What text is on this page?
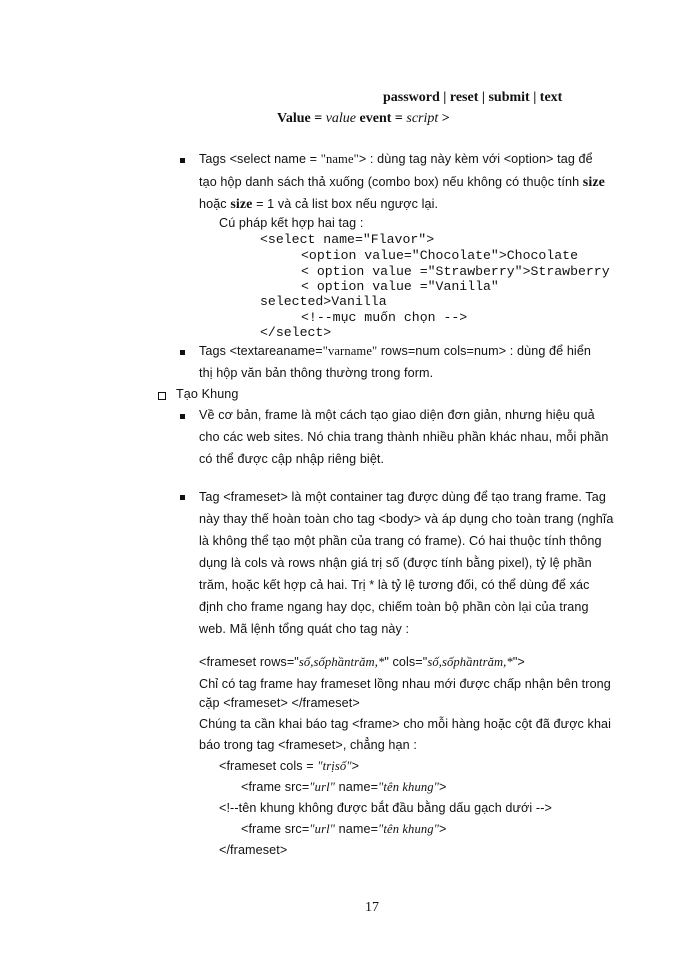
password | reset | submit | text
Value = value event = script >
Tags <select name = "name"> : dùng tag này kèm với <option> tag để
tạo hộp danh sách thả xuống (combo box) nếu không có thuộc tính size
hoặc size = 1 và cả list box nếu ngược lại.
Cú pháp kết hợp hai tag :
<select name="Flavor">
<option value="Chocolate">Chocolate
< option value ="Strawberry">Strawberry
< option value ="Vanilla"
selected>Vanilla
<!--mục muốn chọn -->
</select>
Tags <textareaname="varname" rows=num cols=num> : dùng để hiển
thị hộp văn bản thông thường trong form.
Tạo Khung
Về cơ bản, frame là một cách tạo giao diện đơn giản, nhưng hiệu quả
cho các web sites. Nó chia trang thành nhiều phần khác nhau, mỗi phần
có thể được cập nhập riêng biệt.
Tag <frameset> là một container tag được dùng để tạo trang frame. Tag
này thay thế hoàn toàn cho tag <body> và áp dụng cho toàn trang (nghĩa
là không thể tạo một phần của trang có frame). Có hai thuộc tính thông
dụng là cols và rows nhận giá trị số (được tính bằng pixel), tỷ lệ phần
trăm, hoặc kết hợp cả hai. Trị * là tỷ lệ tương đối, có thể dùng để xác
định cho frame ngang hay dọc, chiếm toàn bộ phần còn lại của trang
web. Mã lệnh tổng quát cho tag này :
<frameset rows="số,sốphầntrăm,*" cols="số,sốphầntrăm,*">
Chỉ có tag frame hay frameset lồng nhau mới được chấp nhận bên trong
cặp <frameset> </frameset>
Chúng ta cần khai báo tag <frame> cho mỗi hàng hoặc cột đã được khai
báo trong tag <frameset>, chẳng hạn :
<frameset cols = "trịsố">
<frame src="url" name="tên khung">
<!--tên khung không được bắt đầu bằng dấu gạch dưới -->
<frame src="url" name="tên khung">
</frameset>
17
